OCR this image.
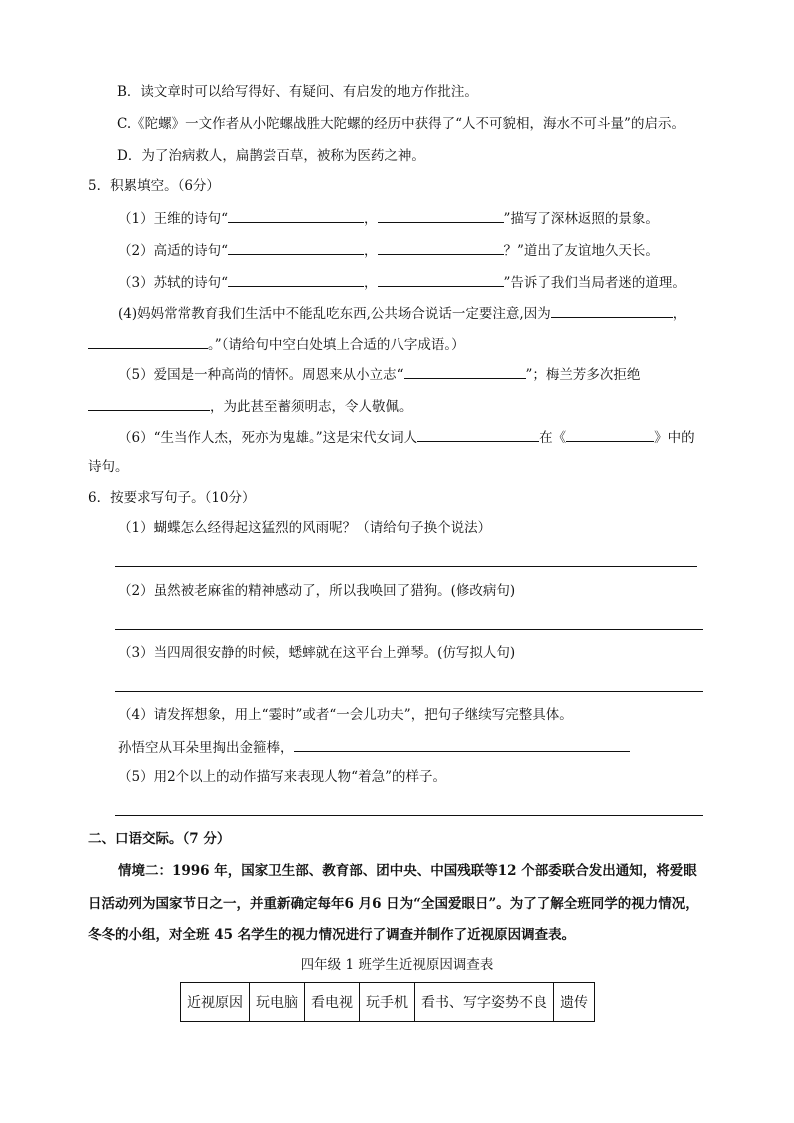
B．读文章时可以给写得好、有疑问、有启发的地方作批注。
C.《陀螺》一文作者从小陀螺战胜大陀螺的经历中获得了“人不可貌相，海水不可斗量”的启示。
D．为了治病救人，扁鹊尝百草，被称为医药之神。
5．积累填空。（6分）
（1）王维的诗句“	，	”描写了深林返照的景象。
（2）高适的诗句“	，	？”道出了友谊地久天长。
（3）苏轼的诗句“	，	”告诉了我们当局者迷的道理。
(4)妈妈常常教育我们生活中不能乱吃东西,公共场合说话一定要注意,因为	，
。”（请给句中空白处填上合适的八字成语。）
（5）爱国是一种高尚的情怀。周恩来从小立志“	”；梅兰芳多次拒绝
，为此甚至蓄须明志，令人敬佩。
（6）“生当作人杰，死亦为鬼雄。”这是宋代女词人	在《	》中的
诗句。
6．按要求写句子。（10分）
（1）蝴蝶怎么经得起这猛烈的风雨呢？（请给句子换个说法）
（2）虽然被老麻雀的精神感动了，所以我唤回了猎狗。(修改病句)
（3）当四周很安静的时候，蟋蟀就在这平台上弹琴。(仿写拟人句)
（4）请发挥想象，用上“霎时”或者“一会儿功夫”，把句子继续写完整具体。
孙悟空从耳朵里掏出金箍棒，
（5）用2个以上的动作描写来表现人物“着急”的样子。
二、口语交际。（7 分）
情境二：1996 年，国家卫生部、教育部、团中央、中国残联等12 个部委联合发出通知，将爱眼
日活动列为国家节日之一，并重新确定每年6 月6 日为“全国爱眼日”。为了了解全班同学的视力情况，
冬冬的小组，对全班 45 名学生的视力情况进行了调查并制作了近视原因调查表。
四年级 1 班学生近视原因调查表
近视原因	玩电脑	看电视	玩手机	看书、写字姿势不良	遗传
